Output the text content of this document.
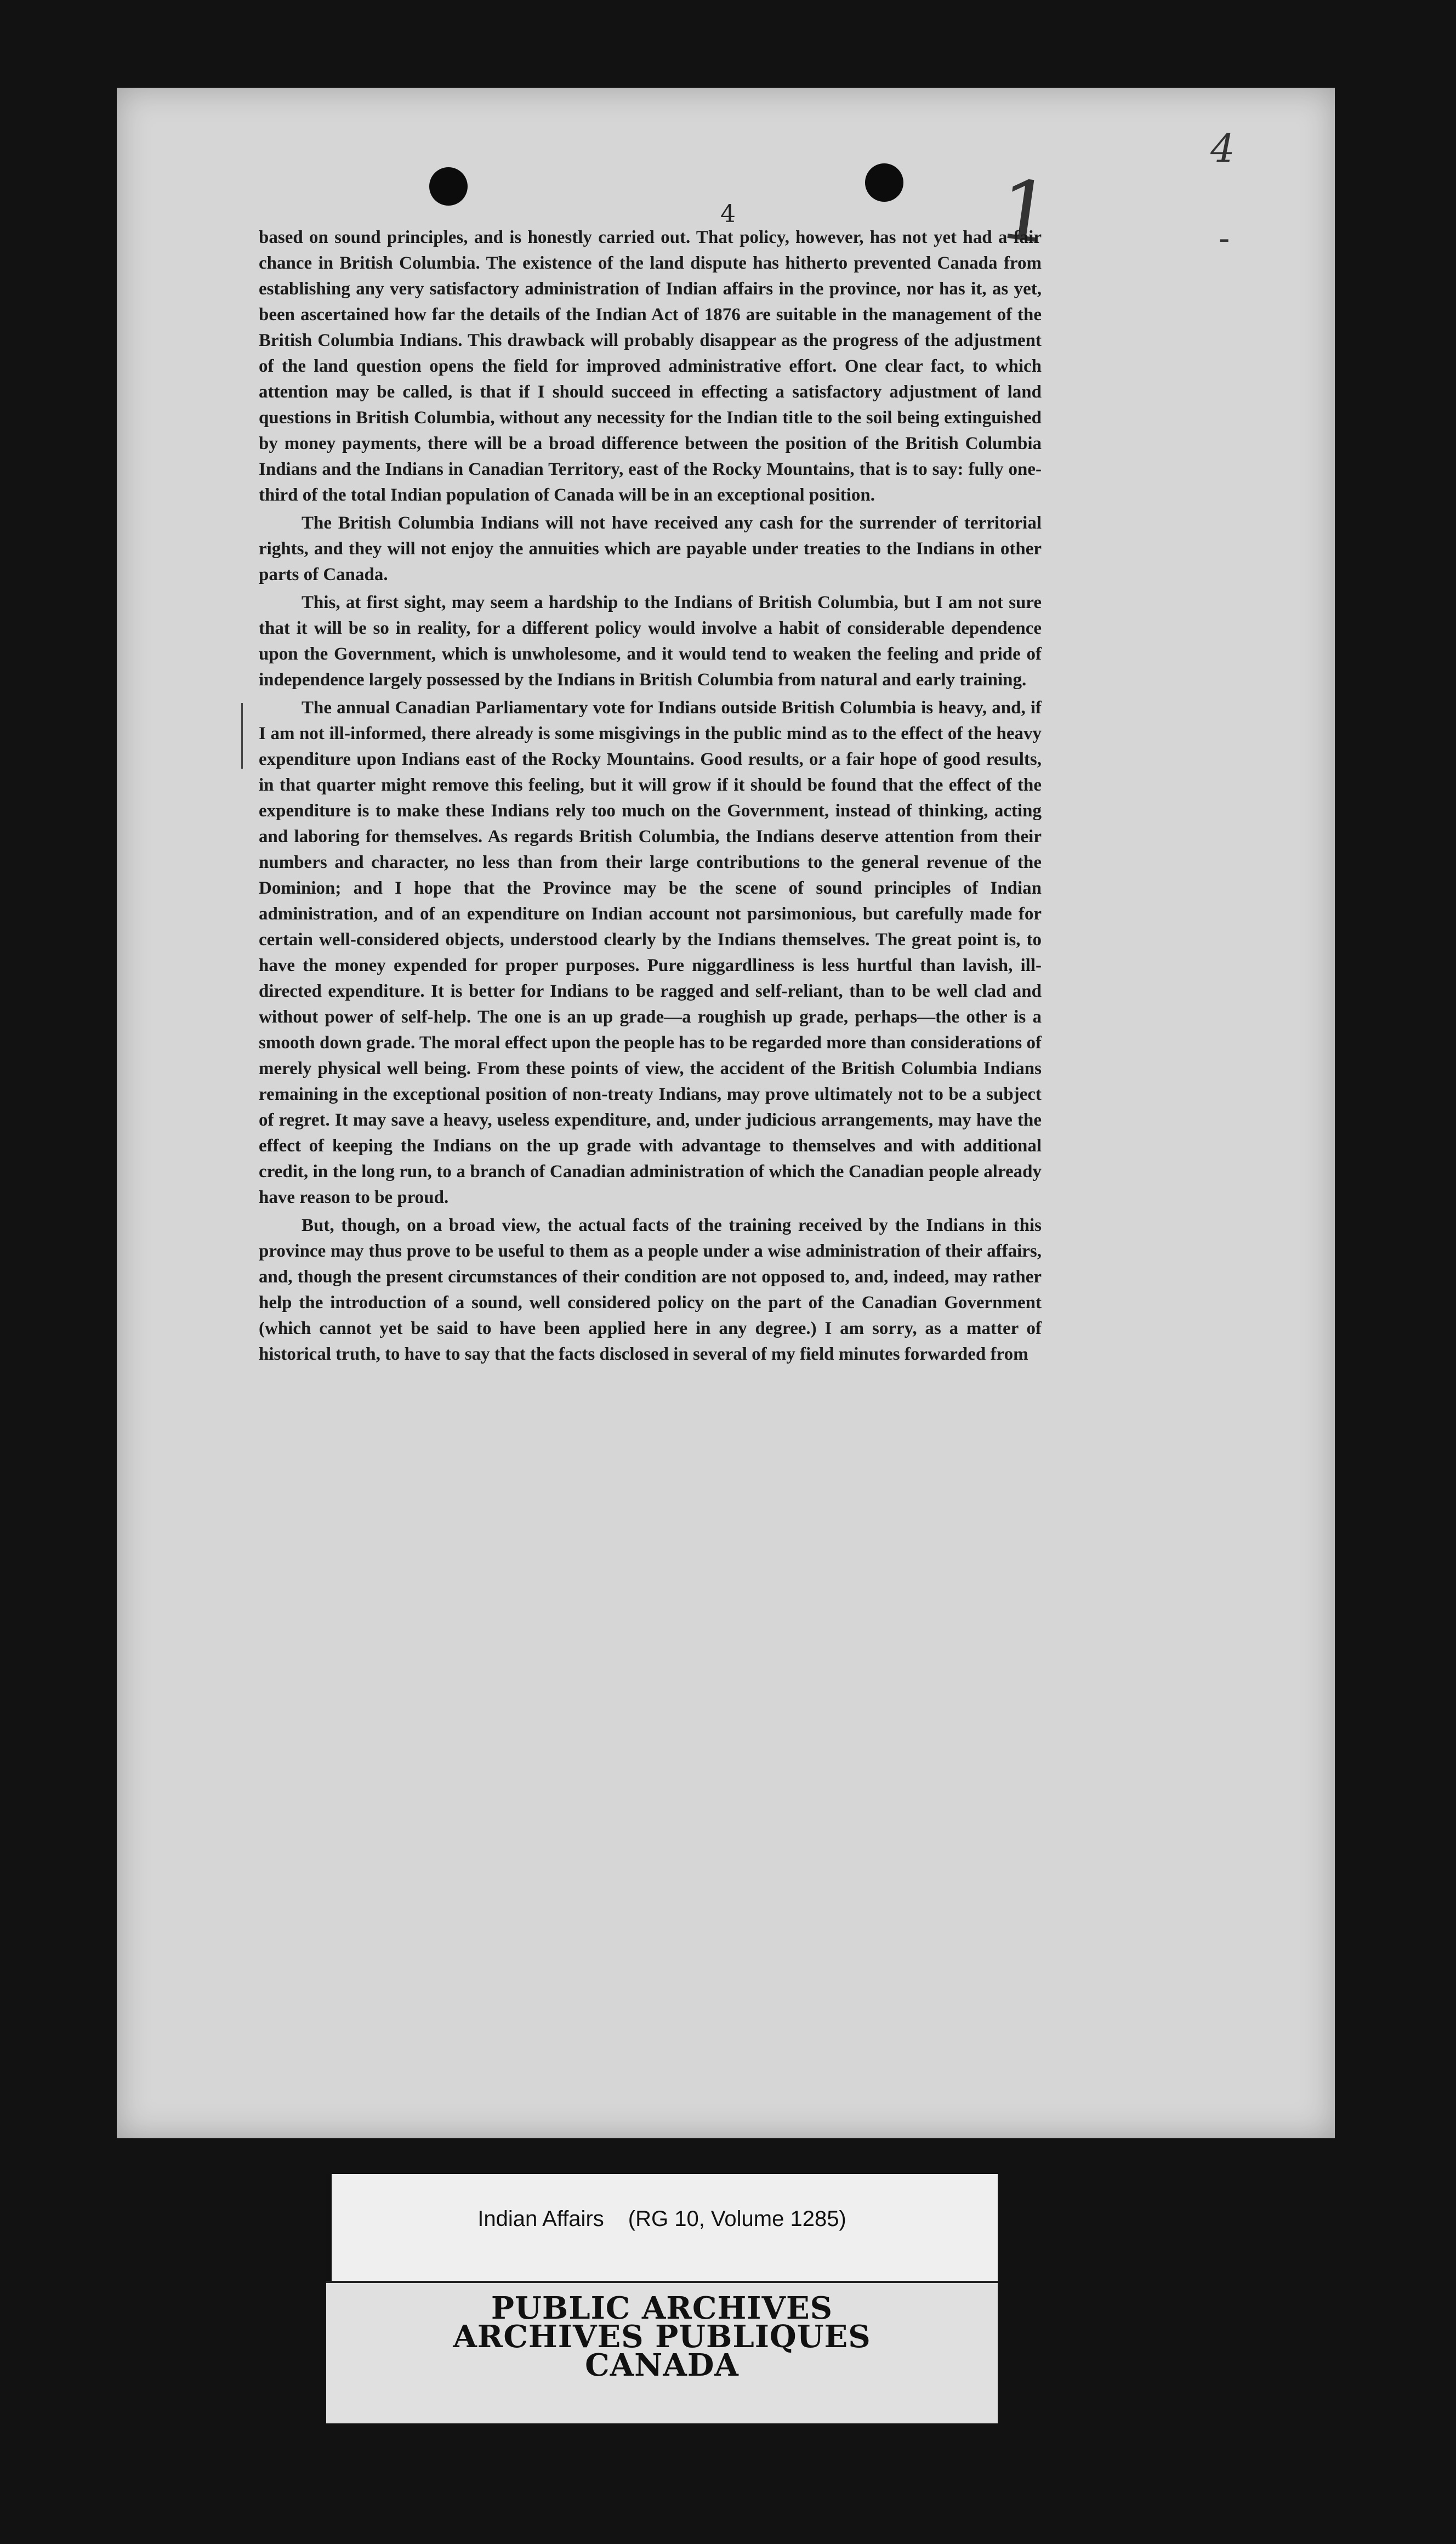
1
4
-
4

based on sound principles, and is honestly carried out. That policy, however, has not yet had a fair chance in British Columbia. The existence of the land dispute has hitherto prevented Canada from establishing any very satisfactory administration of Indian affairs in the province, nor has it, as yet, been ascertained how far the details of the Indian Act of 1876 are suitable in the management of the British Columbia Indians. This drawback will probably disappear as the progress of the adjustment of the land question opens the field for improved administrative effort. One clear fact, to which attention may be called, is that if I should succeed in effecting a satisfactory adjustment of land questions in British Columbia, without any necessity for the Indian title to the soil being extinguished by money payments, there will be a broad difference between the position of the British Columbia Indians and the Indians in Canadian Territory, east of the Rocky Mountains, that is to say: fully one-third of the total Indian population of Canada will be in an exceptional position.

The British Columbia Indians will not have received any cash for the surrender of territorial rights, and they will not enjoy the annuities which are payable under treaties to the Indians in other parts of Canada.

This, at first sight, may seem a hardship to the Indians of British Columbia, but I am not sure that it will be so in reality, for a different policy would involve a habit of considerable dependence upon the Government, which is unwholesome, and it would tend to weaken the feeling and pride of independence largely possessed by the Indians in British Columbia from natural and early training.

The annual Canadian Parliamentary vote for Indians outside British Columbia is heavy, and, if I am not ill-informed, there already is some misgivings in the public mind as to the effect of the heavy expenditure upon Indians east of the Rocky Mountains. Good results, or a fair hope of good results, in that quarter might remove this feeling, but it will grow if it should be found that the effect of the expenditure is to make these Indians rely too much on the Government, instead of thinking, acting and laboring for themselves. As regards British Columbia, the Indians deserve attention from their numbers and character, no less than from their large contributions to the general revenue of the Dominion; and I hope that the Province may be the scene of sound principles of Indian administration, and of an expenditure on Indian account not parsimonious, but carefully made for certain well-considered objects, understood clearly by the Indians themselves. The great point is, to have the money expended for proper purposes. Pure niggardliness is less hurtful than lavish, ill-directed expenditure. It is better for Indians to be ragged and self-reliant, than to be well clad and without power of self-help. The one is an up grade—a roughish up grade, perhaps—the other is a smooth down grade. The moral effect upon the people has to be regarded more than considerations of merely physical well being. From these points of view, the accident of the British Columbia Indians remaining in the exceptional position of non-treaty Indians, may prove ultimately not to be a subject of regret. It may save a heavy, useless expenditure, and, under judicious arrangements, may have the effect of keeping the Indians on the up grade with advantage to themselves and with additional credit, in the long run, to a branch of Canadian administration of which the Canadian people already have reason to be proud.

But, though, on a broad view, the actual facts of the training received by the Indians in this province may thus prove to be useful to them as a people under a wise administration of their affairs, and, though the present circumstances of their condition are not opposed to, and, indeed, may rather help the introduction of a sound, well considered policy on the part of the Canadian Government (which cannot yet be said to have been applied here in any degree.) I am sorry, as a matter of historical truth, to have to say that the facts disclosed in several of my field minutes forwarded from

Indian Affairs (RG 10, Volume 1285)
PUBLIC ARCHIVES
ARCHIVES PUBLIQUES
CANADA
